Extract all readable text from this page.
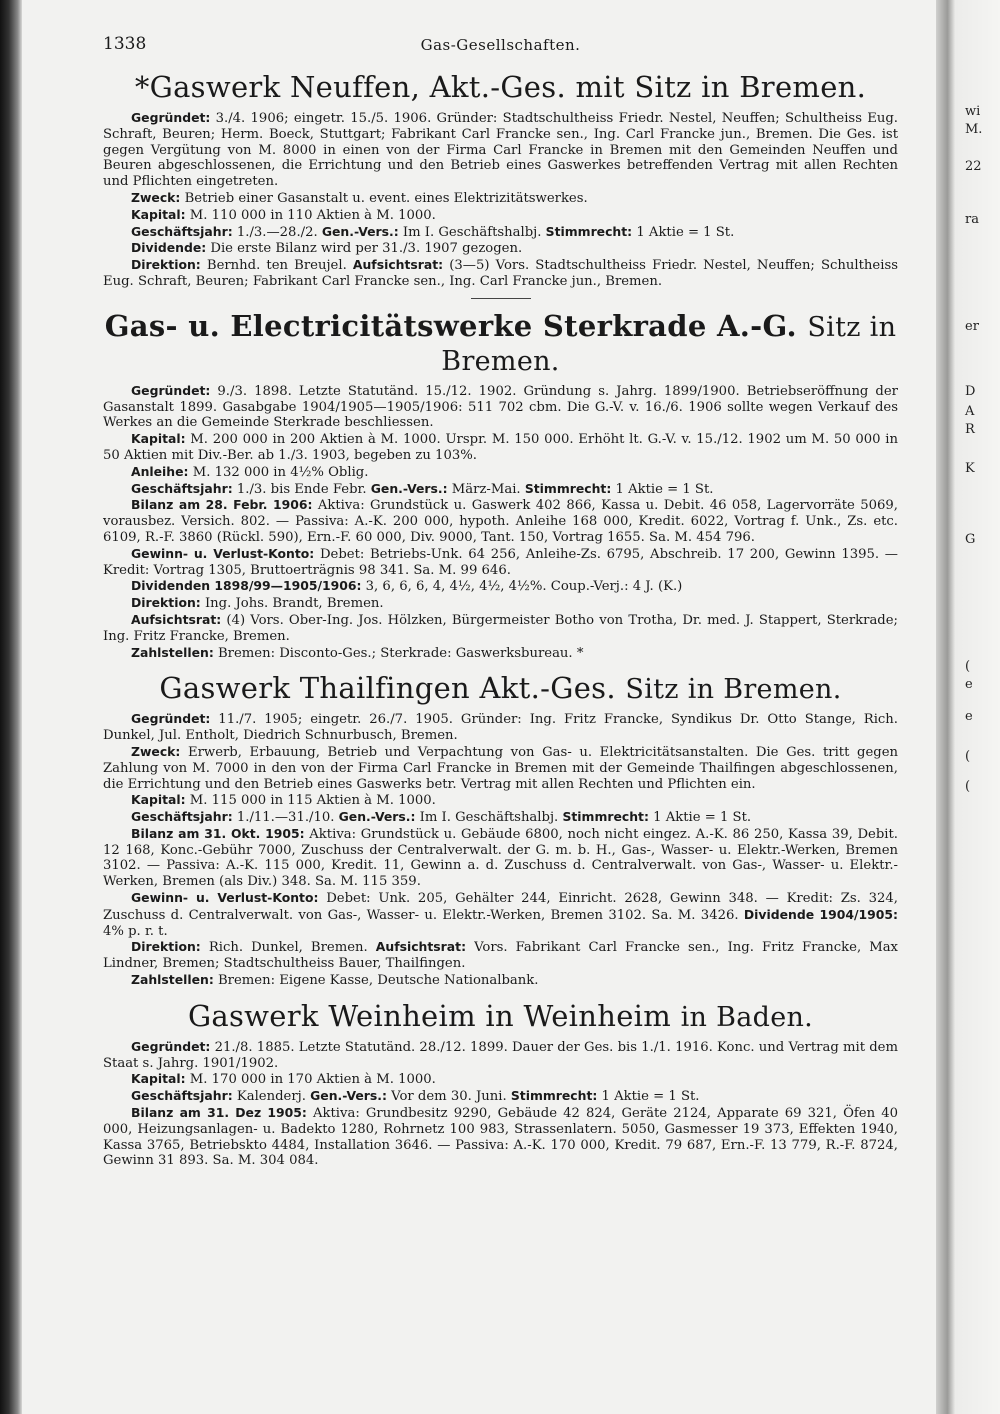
wi
M.
22
ra
er
D
A
R
K
G
(
e
e
(
(
1338	Gas-Gesellschaften.
*Gaswerk Neuffen, Akt.-Ges. mit Sitz in Bremen.

Gegründet: 3./4. 1906; eingetr. 15./5. 1906. Gründer: Stadtschultheiss Friedr. Nestel, Neuffen; Schultheiss Eug. Schraft, Beuren; Herm. Boeck, Stuttgart; Fabrikant Carl Francke sen., Ing. Carl Francke jun., Bremen. Die Ges. ist gegen Vergütung von M. 8000 in einen von der Firma Carl Francke in Bremen mit den Gemeinden Neuffen und Beuren abgeschlossenen, die Errichtung und den Betrieb eines Gaswerkes betreffenden Vertrag mit allen Rechten und Pflichten eingetreten.

Zweck: Betrieb einer Gasanstalt u. event. eines Elektrizitätswerkes.

Kapital: M. 110 000 in 110 Aktien à M. 1000.

Geschäftsjahr: 1./3.—28./2. Gen.-Vers.: Im I. Geschäftshalbj. Stimmrecht: 1 Aktie = 1 St.

Dividende: Die erste Bilanz wird per 31./3. 1907 gezogen.

Direktion: Bernhd. ten Breujel. Aufsichtsrat: (3—5) Vors. Stadtschultheiss Friedr. Nestel, Neuffen; Schultheiss Eug. Schraft, Beuren; Fabrikant Carl Francke sen., Ing. Carl Francke jun., Bremen.

Gas- u. Electricitätswerke Sterkrade A.-G. Sitz in Bremen.

Gegründet: 9./3. 1898. Letzte Statutänd. 15./12. 1902. Gründung s. Jahrg. 1899/1900. Betriebseröffnung der Gasanstalt 1899. Gasabgabe 1904/1905—1905/1906: 511 702 cbm. Die G.-V. v. 16./6. 1906 sollte wegen Verkauf des Werkes an die Gemeinde Sterkrade beschliessen.

Kapital: M. 200 000 in 200 Aktien à M. 1000. Urspr. M. 150 000. Erhöht lt. G.-V. v. 15./12. 1902 um M. 50 000 in 50 Aktien mit Div.-Ber. ab 1./3. 1903, begeben zu 103%.

Anleihe: M. 132 000 in 4½% Oblig.

Geschäftsjahr: 1./3. bis Ende Febr. Gen.-Vers.: März-Mai. Stimmrecht: 1 Aktie = 1 St.

Bilanz am 28. Febr. 1906: Aktiva: Grundstück u. Gaswerk 402 866, Kassa u. Debit. 46 058, Lagervorräte 5069, vorausbez. Versich. 802. — Passiva: A.-K. 200 000, hypoth. Anleihe 168 000, Kredit. 6022, Vortrag f. Unk., Zs. etc. 6109, R.-F. 3860 (Rückl. 590), Ern.-F. 60 000, Div. 9000, Tant. 150, Vortrag 1655. Sa. M. 454 796.

Gewinn- u. Verlust-Konto: Debet: Betriebs-Unk. 64 256, Anleihe-Zs. 6795, Abschreib. 17 200, Gewinn 1395. — Kredit: Vortrag 1305, Bruttoerträgnis 98 341. Sa. M. 99 646.

Dividenden 1898/99—1905/1906: 3, 6, 6, 6, 4, 4½, 4½, 4½%. Coup.-Verj.: 4 J. (K.)

Direktion: Ing. Johs. Brandt, Bremen.

Aufsichtsrat: (4) Vors. Ober-Ing. Jos. Hölzken, Bürgermeister Botho von Trotha, Dr. med. J. Stappert, Sterkrade; Ing. Fritz Francke, Bremen.

Zahlstellen: Bremen: Disconto-Ges.; Sterkrade: Gaswerksbureau. *

Gaswerk Thailfingen Akt.-Ges. Sitz in Bremen.

Gegründet: 11./7. 1905; eingetr. 26./7. 1905. Gründer: Ing. Fritz Francke, Syndikus Dr. Otto Stange, Rich. Dunkel, Jul. Entholt, Diedrich Schnurbusch, Bremen.

Zweck: Erwerb, Erbauung, Betrieb und Verpachtung von Gas- u. Elektricitätsanstalten. Die Ges. tritt gegen Zahlung von M. 7000 in den von der Firma Carl Francke in Bremen mit der Gemeinde Thailfingen abgeschlossenen, die Errichtung und den Betrieb eines Gaswerks betr. Vertrag mit allen Rechten und Pflichten ein.

Kapital: M. 115 000 in 115 Aktien à M. 1000.

Geschäftsjahr: 1./11.—31./10. Gen.-Vers.: Im I. Geschäftshalbj. Stimmrecht: 1 Aktie = 1 St.

Bilanz am 31. Okt. 1905: Aktiva: Grundstück u. Gebäude 6800, noch nicht eingez. A.-K. 86 250, Kassa 39, Debit. 12 168, Konc.-Gebühr 7000, Zuschuss der Centralverwalt. der G. m. b. H., Gas-, Wasser- u. Elektr.-Werken, Bremen 3102. — Passiva: A.-K. 115 000, Kredit. 11, Gewinn a. d. Zuschuss d. Centralverwalt. von Gas-, Wasser- u. Elektr.-Werken, Bremen (als Div.) 348. Sa. M. 115 359.

Gewinn- u. Verlust-Konto: Debet: Unk. 205, Gehälter 244, Einricht. 2628, Gewinn 348. — Kredit: Zs. 324, Zuschuss d. Centralverwalt. von Gas-, Wasser- u. Elektr.-Werken, Bremen 3102. Sa. M. 3426. Dividende 1904/1905: 4% p. r. t.

Direktion: Rich. Dunkel, Bremen. Aufsichtsrat: Vors. Fabrikant Carl Francke sen., Ing. Fritz Francke, Max Lindner, Bremen; Stadtschultheiss Bauer, Thailfingen.

Zahlstellen: Bremen: Eigene Kasse, Deutsche Nationalbank.

Gaswerk Weinheim in Weinheim in Baden.

Gegründet: 21./8. 1885. Letzte Statutänd. 28./12. 1899. Dauer der Ges. bis 1./1. 1916. Konc. und Vertrag mit dem Staat s. Jahrg. 1901/1902.

Kapital: M. 170 000 in 170 Aktien à M. 1000.

Geschäftsjahr: Kalenderj. Gen.-Vers.: Vor dem 30. Juni. Stimmrecht: 1 Aktie = 1 St.

Bilanz am 31. Dez 1905: Aktiva: Grundbesitz 9290, Gebäude 42 824, Geräte 2124, Apparate 69 321, Öfen 40 000, Heizungsanlagen- u. Badekto 1280, Rohrnetz 100 983, Strassenlatern. 5050, Gasmesser 19 373, Effekten 1940, Kassa 3765, Betriebskto 4484, Installation 3646. — Passiva: A.-K. 170 000, Kredit. 79 687, Ern.-F. 13 779, R.-F. 8724, Gewinn 31 893. Sa. M. 304 084.
